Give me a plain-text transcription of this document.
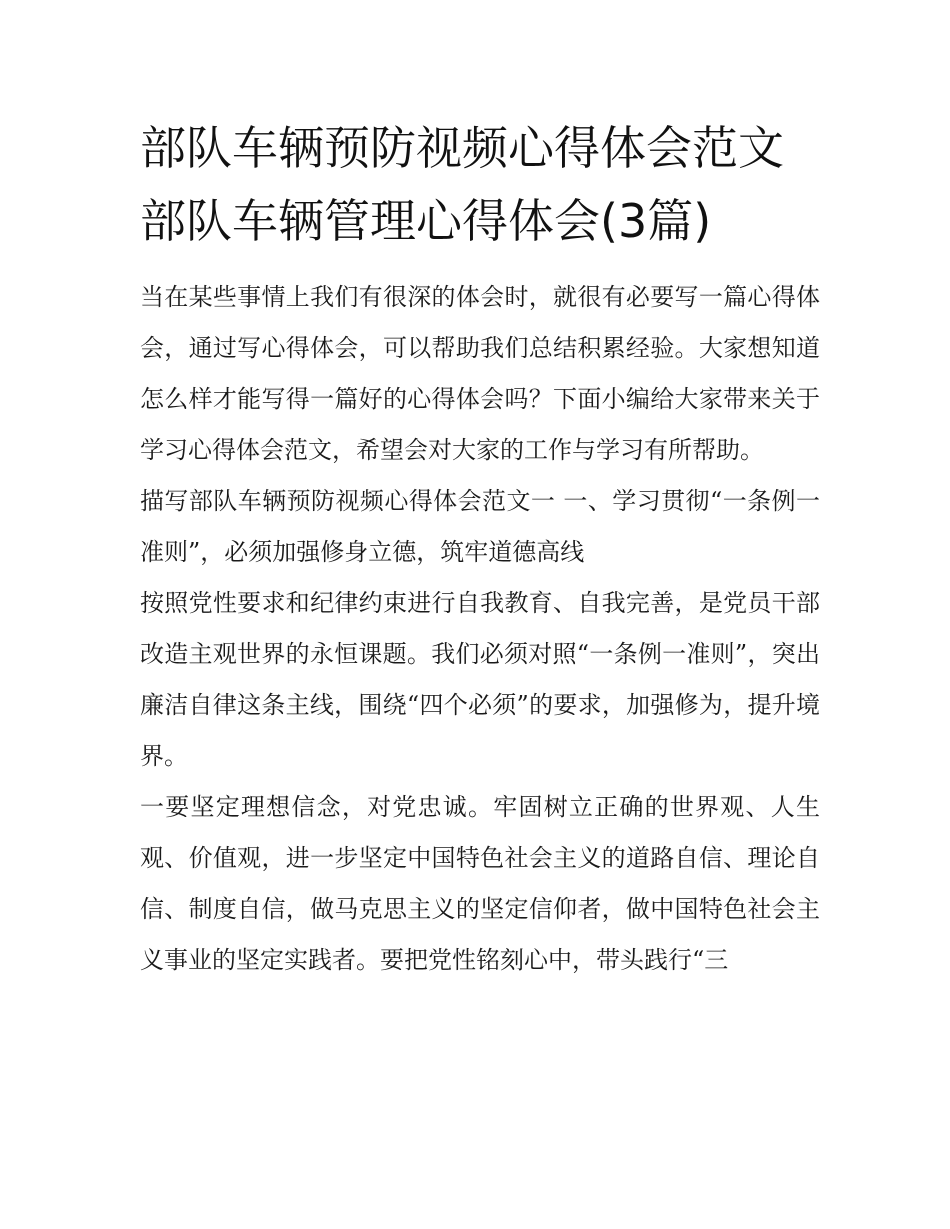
部队车辆预防视频心得体会范文 部队车辆管理心得体会(3篇)

当在某些事情上我们有很深的体会时，就很有必要写一篇心得体会，通过写心得体会，可以帮助我们总结积累经验。大家想知道怎么样才能写得一篇好的心得体会吗？下面小编给大家带来关于学习心得体会范文，希望会对大家的工作与学习有所帮助。

描写部队车辆预防视频心得体会范文一 一、学习贯彻“一条例一准则”，必须加强修身立德，筑牢道德高线

按照党性要求和纪律约束进行自我教育、自我完善，是党员干部改造主观世界的永恒课题。我们必须对照“一条例一准则”，突出廉洁自律这条主线，围绕“四个必须”的要求，加强修为，提升境界。

一要坚定理想信念，对党忠诚。牢固树立正确的世界观、人生观、价值观，进一步坚定中国特色社会主义的道路自信、理论自信、制度自信，做马克思主义的坚定信仰者，做中国特色社会主义事业的坚定实践者。要把党性铭刻心中，带头践行“三
